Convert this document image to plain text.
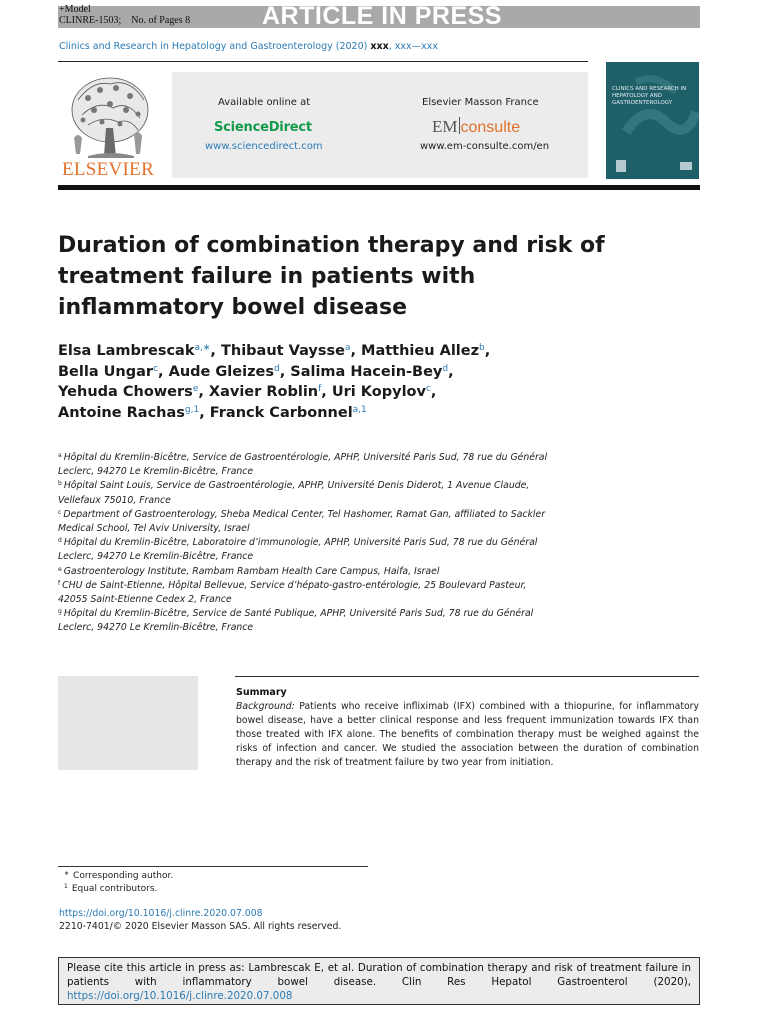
+Model
CLINRE-1503; No. of Pages 8	ARTICLE IN PRESS
Clinics and Research in Hepatology and Gastroenterology (2020) xxx, xxx—xxx
ELSEVIER
Available online at
ScienceDirect
www.sciencedirect.com
Elsevier Masson France
EM consulte
www.em-consulte.com/en
CLINICS AND RESEARCH IN HEPATOLOGY AND GASTROENTEROLOGY
Duration of combination therapy and risk of
treatment failure in patients with
inflammatory bowel disease
Elsa Lambrescak$^{a,∗}$, Thibaut Vaysse$^a$, Matthieu Allez$^b$,
Bella Ungar$^c$, Aude Gleizes$^d$, Salima Hacein-Bey$^d$,
Yehuda Chowers$^e$, Xavier Roblin$^f$, Uri Kopylov$^c$,
Antoine Rachas$^{g,1}$, Franck Carbonnel$^{a,1}$
$^a$ Hôpital du Kremlin-Bicêtre, Service de Gastroentérologie, APHP, Université Paris Sud, 78 rue du Général
Leclerc, 94270 Le Kremlin-Bicêtre, France
$^b$ Hôpital Saint Louis, Service de Gastroentérologie, APHP, Université Denis Diderot, 1 Avenue Claude,
Vellefaux 75010, France
$^c$ Department of Gastroenterology, Sheba Medical Center, Tel Hashomer, Ramat Gan, affiliated to Sackler
Medical School, Tel Aviv University, Israel
$^d$ Hôpital du Kremlin-Bicêtre, Laboratoire d’immunologie, APHP, Université Paris Sud, 78 rue du Général
Leclerc, 94270 Le Kremlin-Bicêtre, France
$^e$ Gastroenterology Institute, Rambam Rambam Health Care Campus, Haifa, Israel
$^f$ CHU de Saint-Etienne, Hôpital Bellevue, Service d’hépato-gastro-entérologie, 25 Boulevard Pasteur,
42055 Saint-Etienne Cedex 2, France
$^g$ Hôpital du Kremlin-Bicêtre, Service de Santé Publique, APHP, Université Paris Sud, 78 rue du Général
Leclerc, 94270 Le Kremlin-Bicêtre, France
Summary
Background: Patients who receive infliximab (IFX) combined with a thiopurine, for inflammatory bowel disease, have a better clinical response and less frequent immunization towards IFX than those treated with IFX alone. The benefits of combination therapy must be weighed against the risks of infection and cancer. We studied the association between the duration of combination therapy and the risk of treatment failure by two year from initiation.
∗ Corresponding author.
$^1$ Equal contributors.
https://doi.org/10.1016/j.clinre.2020.07.008
2210-7401/© 2020 Elsevier Masson SAS. All rights reserved.
Please cite this article in press as: Lambrescak E, et al. Duration of combination therapy and risk of treatment failure in patients with inflammatory bowel disease. Clin Res Hepatol Gastroenterol (2020), https://doi.org/10.1016/j.clinre.2020.07.008
